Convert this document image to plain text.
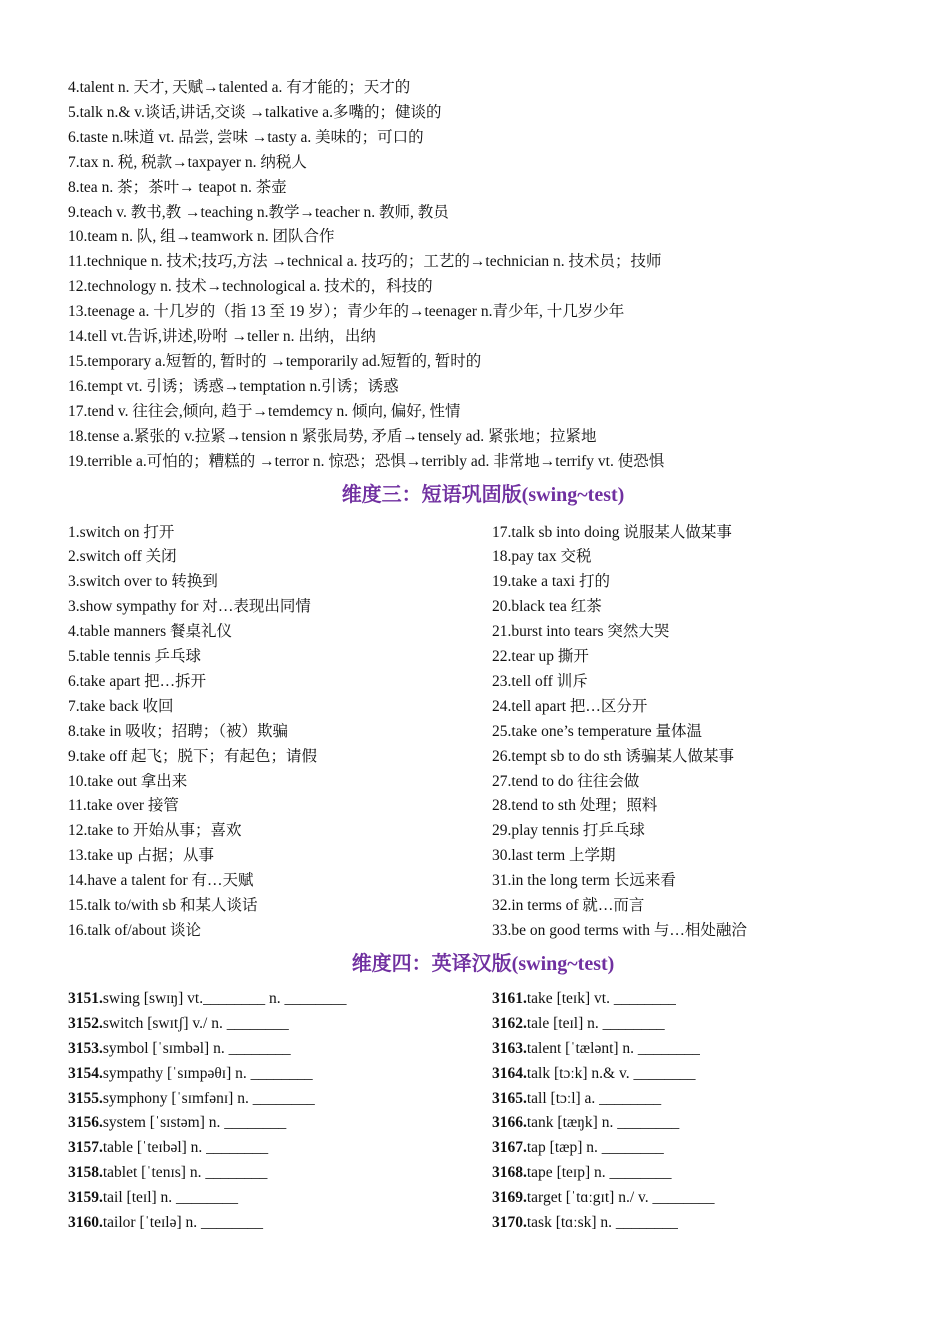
4.talent n. 天才, 天赋→talented a. 有才能的；天才的
5.talk n.& v.谈话,讲话,交谈 →talkative a.多嘴的；健谈的
6.taste n.味道 vt. 品尝, 尝味 →tasty a. 美味的；可口的
7.tax n. 税, 税款→taxpayer n. 纳税人
8.tea n. 茶；茶叶→ teapot n. 茶壶
9.teach v. 教书,教 →teaching n.教学→teacher n. 教师, 教员
10.team n. 队, 组→teamwork n. 团队合作
11.technique n. 技术;技巧,方法 →technical a. 技巧的；工艺的→technician n. 技术员；技师
12.technology n. 技术→technological a. 技术的，科技的
13.teenage a. 十几岁的（指 13 至 19 岁）；青少年的→teenager n.青少年, 十几岁少年
14.tell vt.告诉,讲述,吩咐 →teller n. 出纳，出纳
15.temporary a.短暂的, 暂时的 →temporarily ad.短暂的, 暂时的
16.tempt vt. 引诱；诱惑→temptation n.引诱；诱惑
17.tend v. 往往会,倾向, 趋于→temdemcy n. 倾向, 偏好, 性情
18.tense a.紧张的 v.拉紧→tension n 紧张局势, 矛盾→tensely ad. 紧张地；拉紧地
19.terrible a.可怕的；糟糕的 →terror n. 惊恐；恐惧→terribly ad. 非常地→terrify vt. 使恐惧
维度三：短语巩固版(swing~test)
1.switch on 打开
2.switch off 关闭
3.switch over to 转换到
3.show sympathy for 对…表现出同情
4.table manners 餐桌礼仪
5.table tennis 乒乓球
6.take apart 把…拆开
7.take back 收回
8.take in 吸收；招聘；（被）欺骗
9.take off 起飞；脱下；有起色；请假
10.take out 拿出来
11.take over 接管
12.take to 开始从事；喜欢
13.take up 占据；从事
14.have a talent for 有…天赋
15.talk to/with sb 和某人谈话
16.talk of/about 谈论
17.talk sb into doing 说服某人做某事
18.pay tax 交税
19.take a taxi 打的
20.black tea 红茶
21.burst into tears 突然大哭
22.tear up 撕开
23.tell off 训斥
24.tell apart 把…区分开
25.take one’s temperature 量体温
26.tempt sb to do sth 诱骗某人做某事
27.tend to do 往往会做
28.tend to sth 处理；照料
29.play tennis 打乒乓球
30.last term 上学期
31.in the long term 长远来看
32.in terms of 就…而言
33.be on good terms with 与…相处融洽
维度四：英译汉版(swing~test)
3151.swing [swɪŋ] vt.________ n. ________
3152.switch [swɪtʃ] v./ n. ________
3153.symbol [ˈsɪmbəl] n. ________
3154.sympathy [ˈsɪmpəθɪ] n. ________
3155.symphony [ˈsɪmfənɪ] n. ________
3156.system [ˈsɪstəm] n. ________
3157.table [ˈteɪbəl] n. ________
3158.tablet [ˈtenɪs] n. ________
3159.tail [teɪl] n. ________
3160.tailor [ˈteɪlə] n. ________
3161.take [teɪk] vt. ________
3162.tale [teɪl] n. ________
3163.talent [ˈtælənt] n. ________
3164.talk [tɔːk] n.& v. ________
3165.tall [tɔːl] a. ________
3166.tank [tæŋk] n. ________
3167.tap [tæp] n. ________
3168.tape [teɪp] n. ________
3169.target [ˈtɑːgɪt] n./ v. ________
3170.task [tɑːsk] n. ________
